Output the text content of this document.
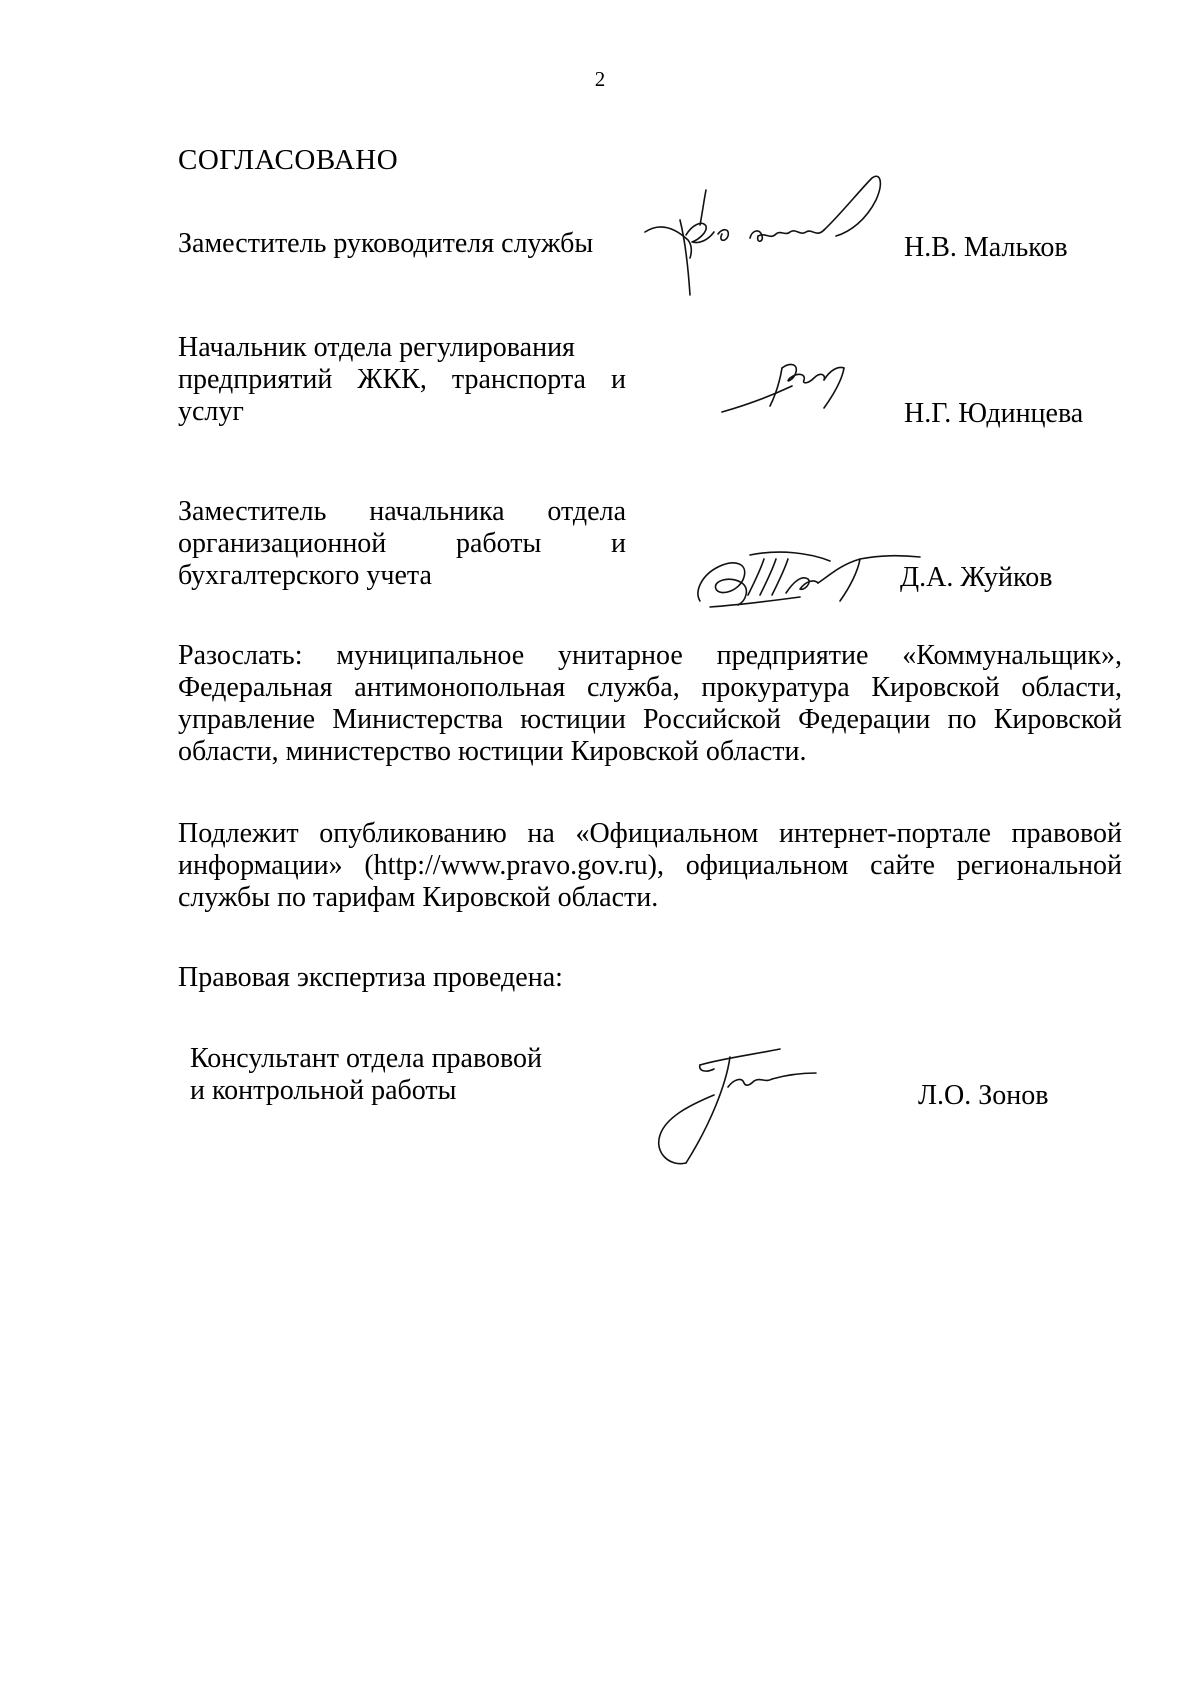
2
СОГЛАСОВАНО
Заместитель руководителя службы	Н.В. Мальков
Начальник отдела регулирования
предприятий ЖКК, транспорта и
услуг	Н.Г. Юдинцева
Заместитель начальника отдела
организационной работы и
бухгалтерского учета	Д.А. Жуйков
Разослать: муниципальное унитарное предприятие «Коммунальщик»,
Федеральная антимонопольная служба, прокуратура Кировской области,
управление Министерства юстиции Российской Федерации по Кировской
области, министерство юстиции Кировской области.
Подлежит опубликованию на «Официальном интернет-портале правовой
информации» (http://www.pravo.gov.ru), официальном сайте региональной
службы по тарифам Кировской области.
Правовая экспертиза проведена:
Консультант отдела правовой
и контрольной работы	Л.О. Зонов
